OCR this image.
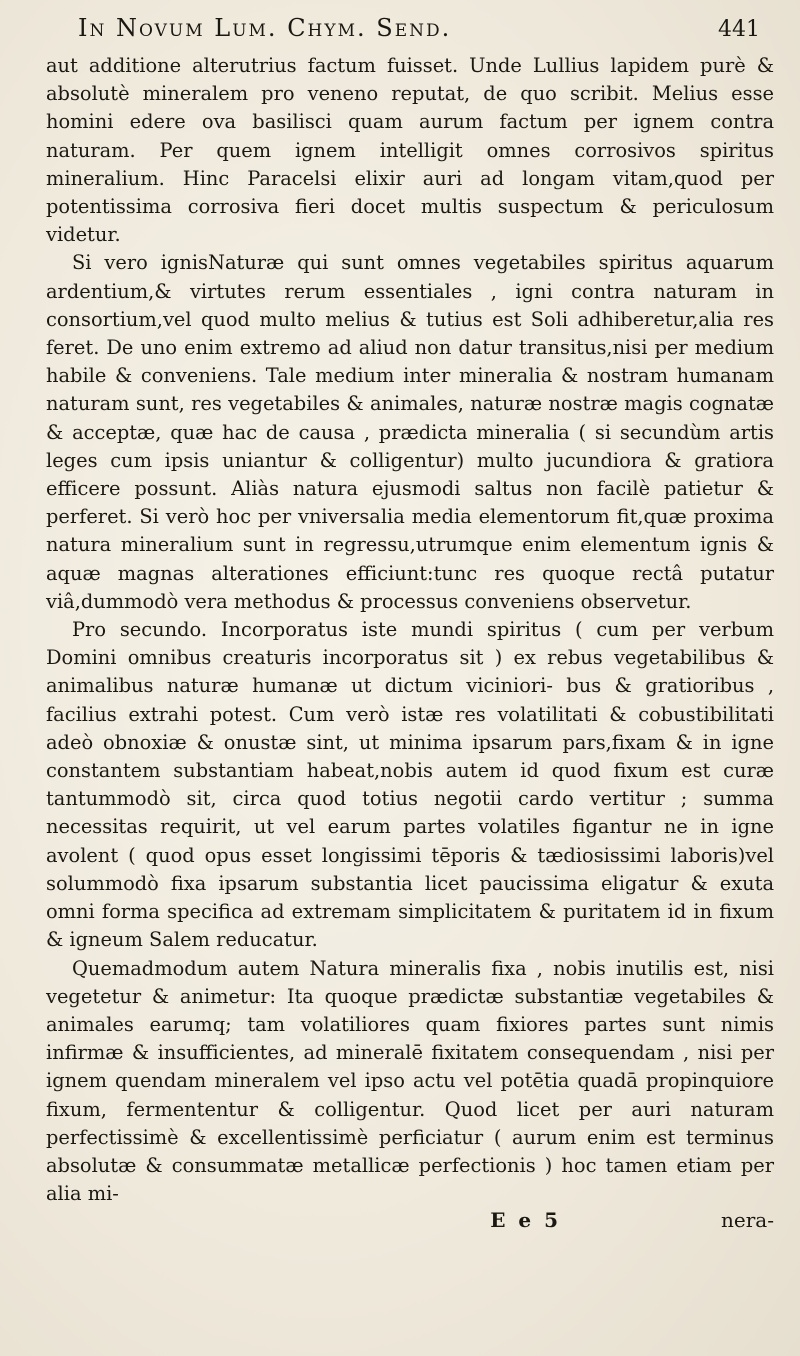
In Novum Lum. Chym. Send.	441

aut additione alterutrius factum fuisset. Unde Lullius lapidem purè & absolutè mineralem pro veneno reputat, de quo scribit. Melius esse homini edere ova basilisci quam aurum factum per ignem contra naturam. Per quem ignem intelligit omnes corrosivos spiritus mineralium. Hinc Paracelsi elixir auri ad longam vitam,quod per potentissima corrosiva fieri docet multis suspectum & periculosum videtur.

Si vero ignisNaturæ qui sunt omnes vegetabiles spiritus aquarum ardentium,& virtutes rerum essentiales , igni contra naturam in consortium,vel quod multo melius & tutius est Soli adhiberetur,alia res feret. De uno enim extremo ad aliud non datur transitus,nisi per medium habile & conveniens. Tale medium inter mineralia & nostram humanam naturam sunt, res vegetabiles & animales, naturæ nostræ magis cognatæ & acceptæ, quæ hac de causa , prædicta mineralia ( si secundùm artis leges cum ipsis uniantur & colligentur) multo jucundiora & gratiora efficere possunt. Aliàs natura ejusmodi saltus non facilè patietur & perferet. Si verò hoc per vniversalia media elementorum fit,quæ proxima natura mineralium sunt in regressu,utrumque enim elementum ignis & aquæ magnas alterationes efficiunt:tunc res quoque rectâ putatur viâ,dummodò vera methodus & processus conveniens observetur.

Pro secundo. Incorporatus iste mundi spiritus ( cum per verbum Domini omnibus creaturis incorporatus sit ) ex rebus vegetabilibus & animalibus naturæ humanæ ut dictum viciniori- bus & gratioribus , facilius extrahi potest. Cum verò istæ res volatilitati & cobustibilitati adeò obnoxiæ & onustæ sint, ut minima ipsarum pars,fixam & in igne constantem substantiam habeat,nobis autem id quod fixum est curæ tantummodò sit, circa quod totius negotii cardo vertitur ; summa necessitas requirit, ut vel earum partes volatiles figantur ne in igne avolent ( quod opus esset longissimi tēporis & tædiosissimi laboris)vel solummodò fixa ipsarum substantia licet paucissima eligatur & exuta omni forma specifica ad extremam simplicitatem & puritatem id in fixum & igneum Salem reducatur.

Quemadmodum autem Natura mineralis fixa , nobis inutilis est, nisi vegetetur & animetur: Ita quoque prædictæ substantiæ vegetabiles & animales earumq; tam volatiliores quam fixiores partes sunt nimis infirmæ & insufficientes, ad mineralē fixitatem consequendam , nisi per ignem quendam mineralem vel ipso actu vel potētia quadā propinquiore fixum, fermententur & colligentur. Quod licet per auri naturam perfectissimè & excellentissimè perficiatur ( aurum enim est terminus absolutæ & consummatæ metallicæ perfectionis ) hoc tamen etiam per alia mi-

E e 5	nera-
